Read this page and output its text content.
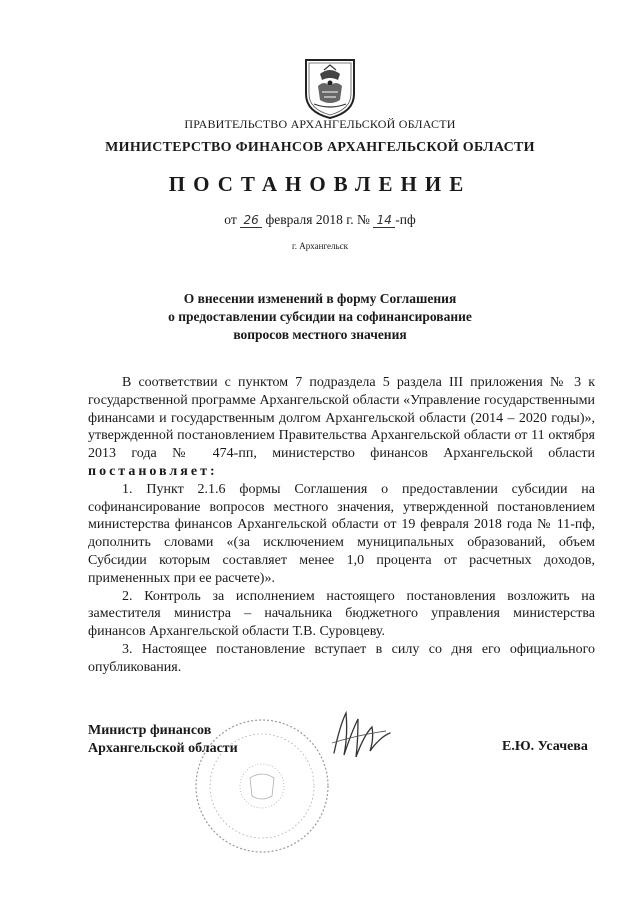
ПРАВИТЕЛЬСТВО АРХАНГЕЛЬСКОЙ ОБЛАСТИ
МИНИСТЕРСТВО ФИНАНСОВ АРХАНГЕЛЬСКОЙ ОБЛАСТИ
ПОСТАНОВЛЕНИЕ
от 26 февраля 2018 г. № 14 -пф
г. Архангельск
О внесении изменений в форму Соглашения
о предоставлении субсидии на софинансирование
вопросов местного значения

В соответствии с пунктом 7 подраздела 5 раздела III приложения № 3 к государственной программе Архангельской области «Управление государственными финансами и государственным долгом Архангельской области (2014 – 2020 годы)», утвержденной постановлением Правительства Архангельской области от 11 октября 2013 года № 474-пп, министерство финансов Архангельской области постановляет:

1. Пункт 2.1.6 формы Соглашения о предоставлении субсидии на софинансирование вопросов местного значения, утвержденной постановлением министерства финансов Архангельской области от 19 февраля 2018 года № 11-пф, дополнить словами «(за исключением муниципальных образований, объем Субсидии которым составляет менее 1,0 процента от расчетных доходов, примененных при ее расчете)».

2. Контроль за исполнением настоящего постановления возложить на заместителя министра – начальника бюджетного управления министерства финансов Архангельской области Т.В. Суровцеву.

3. Настоящее постановление вступает в силу со дня его официального опубликования.

Министр финансов
Архангельской области	Е.Ю. Усачева
